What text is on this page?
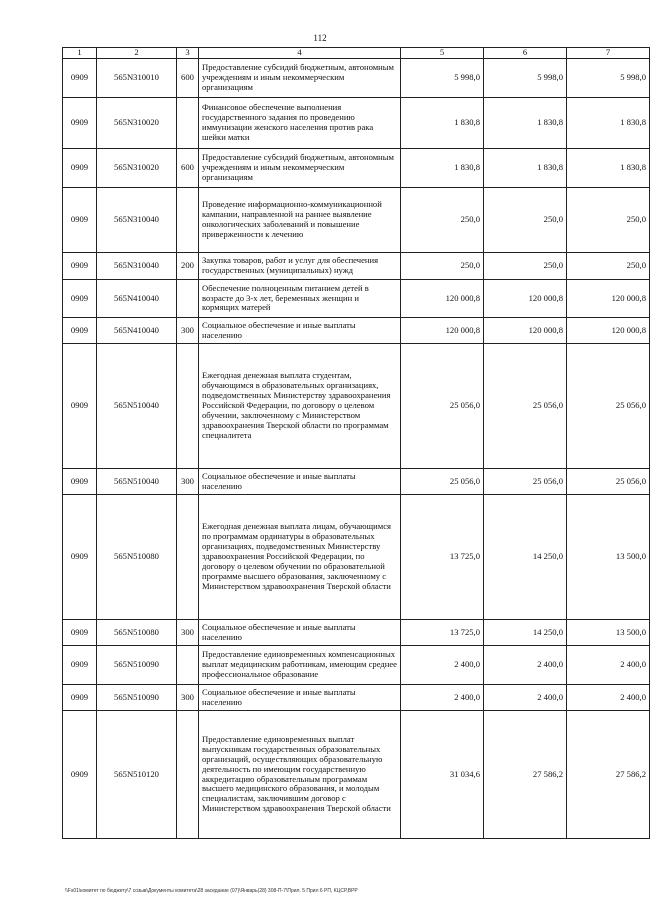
112
1	2	3	4	5	6	7
0909	565N310010	600	Предоставление субсидий бюджетным, автономным учреждениям и иным некоммерческим организациям	5 998,0	5 998,0	5 998,0
0909	565N310020		Финансовое обеспечение выполнения государственного задания по проведению иммунизации женского населения против рака шейки матки	1 830,8	1 830,8	1 830,8
0909	565N310020	600	Предоставление субсидий бюджетным, автономным учреждениям и иным некоммерческим организациям	1 830,8	1 830,8	1 830,8
0909	565N310040		Проведение информационно-коммуникационной кампании, направленной на раннее выявление онкологических заболеваний и повышение приверженности к лечению	250,0	250,0	250,0
0909	565N310040	200	Закупка товаров, работ и услуг для обеспечения государственных (муниципальных) нужд	250,0	250,0	250,0
0909	565N410040		Обеспечение полноценным питанием детей в возрасте до 3-х лет, беременных женщин и кормящих матерей	120 000,8	120 000,8	120 000,8
0909	565N410040	300	Социальное обеспечение и иные выплаты населению	120 000,8	120 000,8	120 000,8
0909	565N510040		Ежегодная денежная выплата студентам, обучающимся в образовательных организациях, подведомственных Министерству здравоохранения Российской Федерации, по договору о целевом обучении, заключенному с Министерством здравоохранения Тверской области по программам специалитета	25 056,0	25 056,0	25 056,0
0909	565N510040	300	Социальное обеспечение и иные выплаты населению	25 056,0	25 056,0	25 056,0
0909	565N510080		Ежегодная денежная выплата лицам, обучающимся по программам ординатуры в образовательных организациях, подведомственных Министерству здравоохранения Российской Федерации, по договору о целевом обучении по образовательной программе высшего образования, заключенному с Министерством здравоохранения Тверской области	13 725,0	14 250,0	13 500,0
0909	565N510080	300	Социальное обеспечение и иные выплаты населению	13 725,0	14 250,0	13 500,0
0909	565N510090		Предоставление единовременных компенсационных выплат медицинским работникам, имеющим среднее профессиональное образование	2 400,0	2 400,0	2 400,0
0909	565N510090	300	Социальное обеспечение и иные выплаты населению	2 400,0	2 400,0	2 400,0
0909	565N510120		Предоставление единовременных выплат выпускникам государственных образовательных организаций, осуществляющих образовательную деятельность по имеющим государственную аккредитацию образовательным программам высшего медицинского образования, и молодым специалистам, заключившим договор с Министерством здравоохранения Тверской области	31 034,6	27 586,2	27 586,2
\\Fs01\комитет по бюджету\7 созыв\Документы комитета\28 заседание (07)\Январь(28) 308-П-7\Прил. 5 Прил 6 РП, КЦСР,ВРР
